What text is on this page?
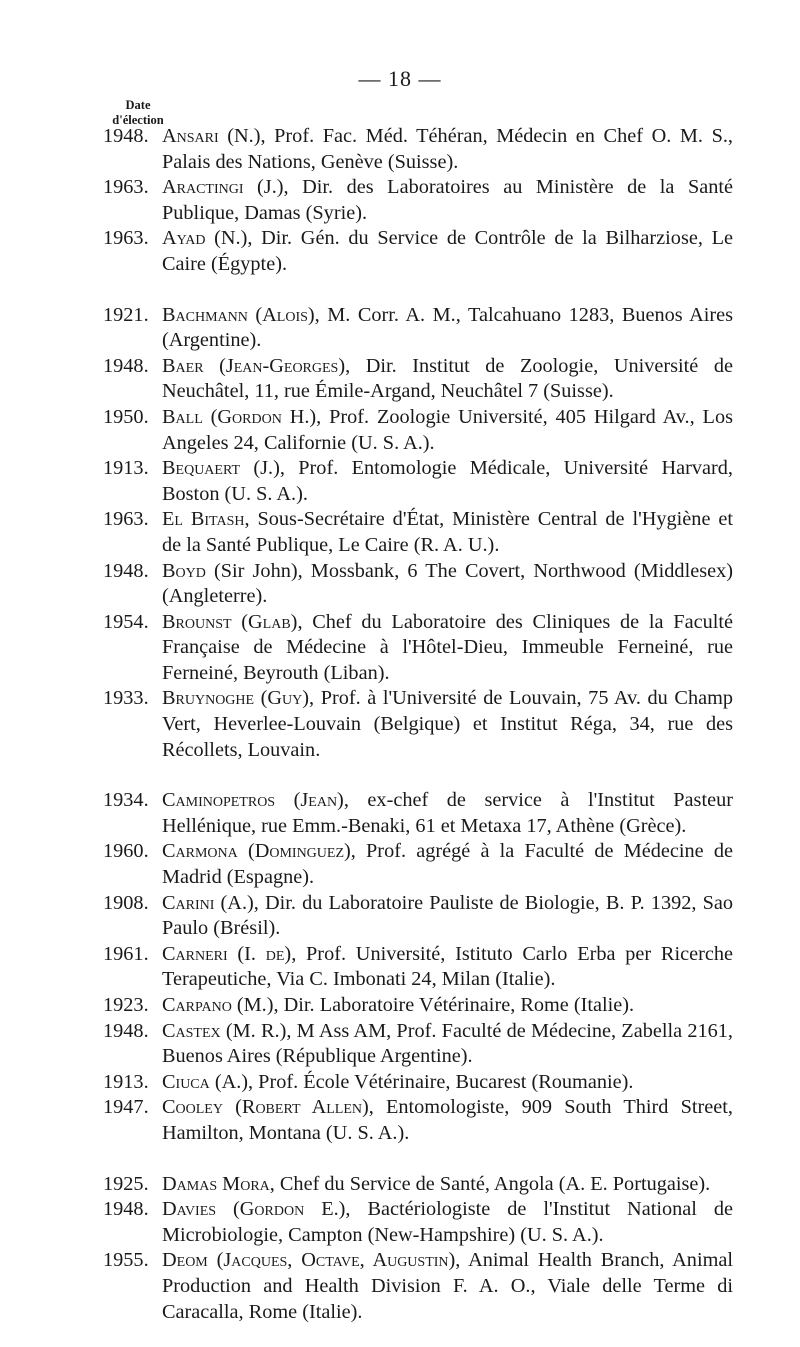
— 18 —
Date
d'élection
1948. Ansari (N.), Prof. Fac. Méd. Téhéran, Médecin en Chef O. M. S., Palais des Nations, Genève (Suisse).
1963. Aractingi (J.), Dir. des Laboratoires au Ministère de la Santé Publique, Damas (Syrie).
1963. Ayad (N.), Dir. Gén. du Service de Contrôle de la Bilharziose, Le Caire (Égypte).
1921. Bachmann (Alois), M. Corr. A. M., Talcahuano 1283, Buenos Aires (Argentine).
1948. Baer (Jean-Georges), Dir. Institut de Zoologie, Université de Neuchâtel, 11, rue Émile-Argand, Neuchâtel 7 (Suisse).
1950. Ball (Gordon H.), Prof. Zoologie Université, 405 Hilgard Av., Los Angeles 24, Californie (U. S. A.).
1913. Bequaert (J.), Prof. Entomologie Médicale, Université Harvard, Boston (U. S. A.).
1963. El Bitash, Sous-Secrétaire d'État, Ministère Central de l'Hygiène et de la Santé Publique, Le Caire (R. A. U.).
1948. Boyd (Sir John), Mossbank, 6 The Covert, Northwood (Middlesex) (Angleterre).
1954. Brounst (Glab), Chef du Laboratoire des Cliniques de la Faculté Française de Médecine à l'Hôtel-Dieu, Immeuble Ferneiné, rue Ferneiné, Beyrouth (Liban).
1933. Bruynoghe (Guy), Prof. à l'Université de Louvain, 75 Av. du Champ Vert, Heverlee-Louvain (Belgique) et Institut Réga, 34, rue des Récollets, Louvain.
1934. Caminopetros (Jean), ex-chef de service à l'Institut Pasteur Hellénique, rue Emm.-Benaki, 61 et Metaxa 17, Athène (Grèce).
1960. Carmona (Dominguez), Prof. agrégé à la Faculté de Médecine de Madrid (Espagne).
1908. Carini (A.), Dir. du Laboratoire Pauliste de Biologie, B. P. 1392, Sao Paulo (Brésil).
1961. Carneri (I. de), Prof. Université, Istituto Carlo Erba per Ricerche Terapeutiche, Via C. Imbonati 24, Milan (Italie).
1923. Carpano (M.), Dir. Laboratoire Vétérinaire, Rome (Italie).
1948. Castex (M. R.), M Ass AM, Prof. Faculté de Médecine, Zabella 2161, Buenos Aires (République Argentine).
1913. Ciuca (A.), Prof. École Vétérinaire, Bucarest (Roumanie).
1947. Cooley (Robert Allen), Entomologiste, 909 South Third Street, Hamilton, Montana (U. S. A.).
1925. Damas Mora, Chef du Service de Santé, Angola (A. E. Portugaise).
1948. Davies (Gordon E.), Bactériologiste de l'Institut National de Microbiologie, Campton (New-Hampshire) (U. S. A.).
1955. Deom (Jacques, Octave, Augustin), Animal Health Branch, Animal Production and Health Division F. A. O., Viale delle Terme di Caracalla, Rome (Italie).
